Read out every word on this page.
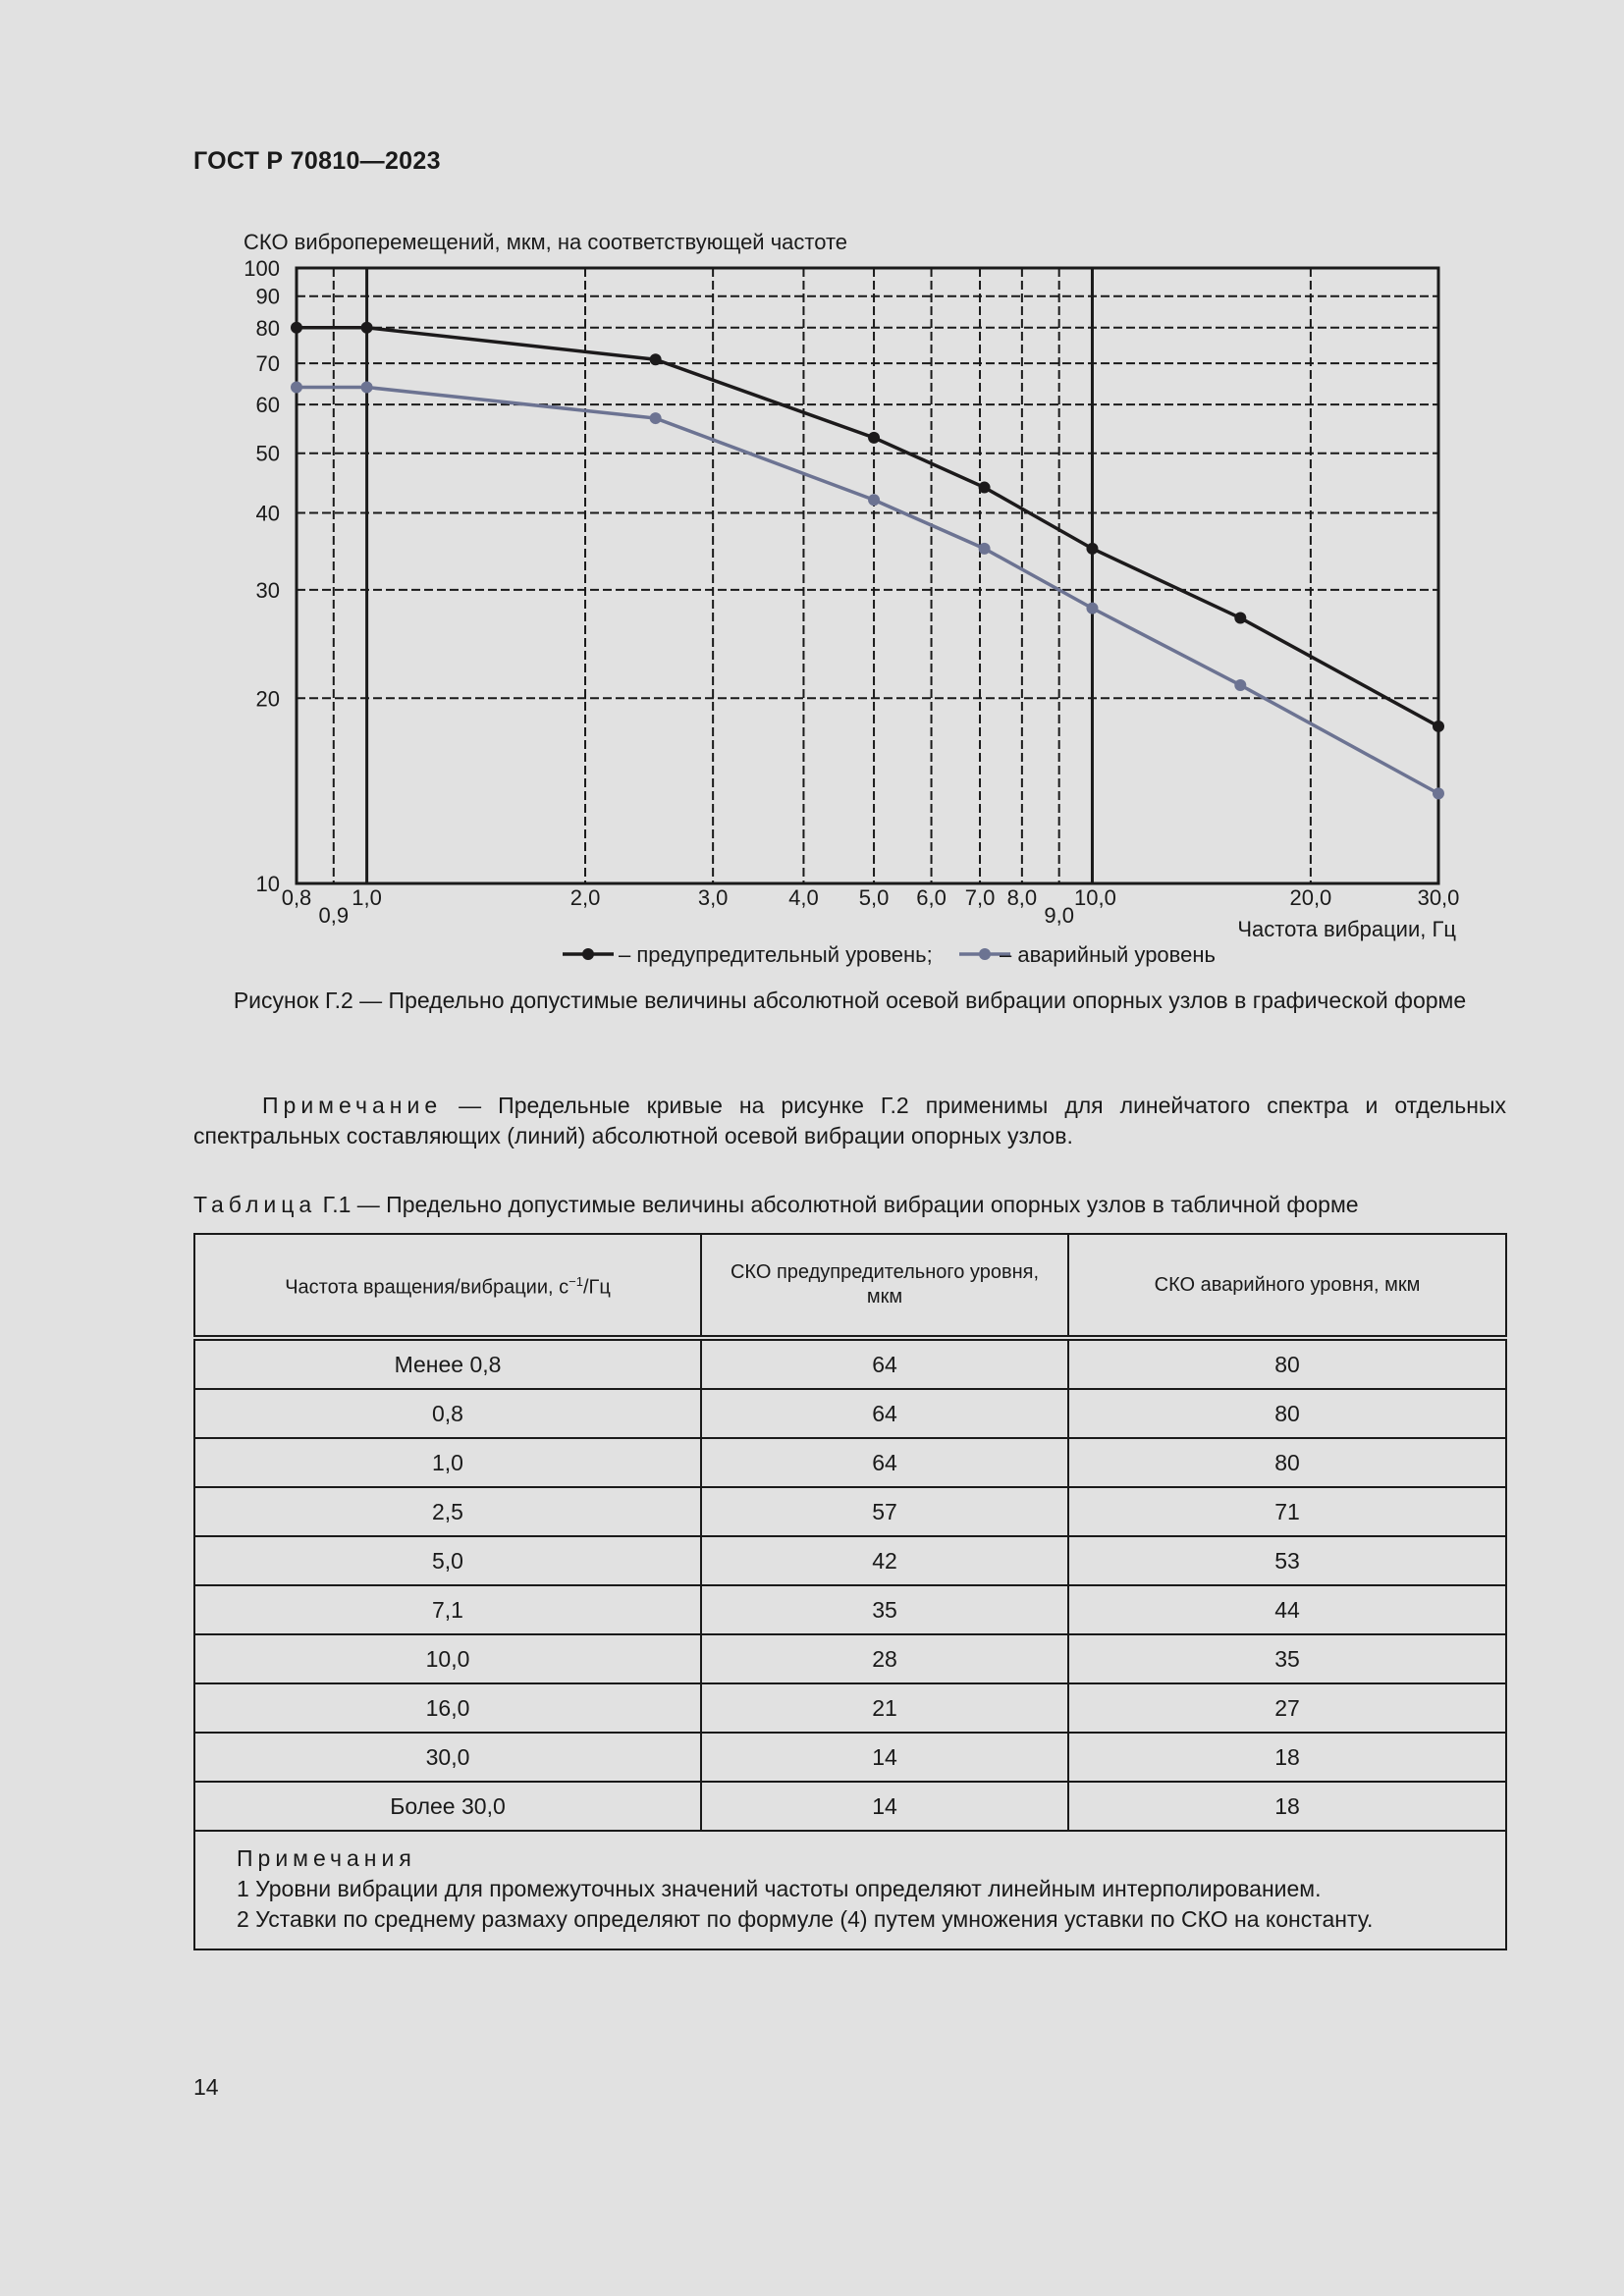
ГОСТ Р 70810—2023
10
20
30
40
50
60
70
80
90
100
0,8
0,9
1,0	2,0	3,0	4,0 5,0 6,0 7,0 8,0
9,0
10,0	20,0	30,0
СКО виброперемещений, мкм, на соответствующей частоте
Частота вибрации, Гц
– предупредительный уровень;	– аварийный уровень
Рисунок Г.2 — Предельно допустимые величины абсолютной осевой вибрации опорных узлов в графической форме
Примечание — Предельные кривые на рисунке Г.2 применимы для линейчатого спектра и отдельных спектральных составляющих (линий) абсолютной осевой вибрации опорных узлов.
Таблица Г.1 — Предельно допустимые величины абсолютной вибрации опорных узлов в табличной форме
Частота вращения/вибрации, $с^{-1}/Гц$	СКО предупредительного уровня, мкм	СКО аварийного уровня, мкм
Менее 0,8	64	80
0,8	64	80
1,0	64	80
2,5	57	71
5,0	42	53
7,1	35	44
10,0	28	35
16,0	21	27
30,0	14	18
Более 30,0	14	18

Примечания
1 Уровни вибрации для промежуточных значений частоты определяют линейным интерполированием.
2 Уставки по среднему размаху определяют по формуле (4) путем умножения уставки по СКО на константу.		
14
